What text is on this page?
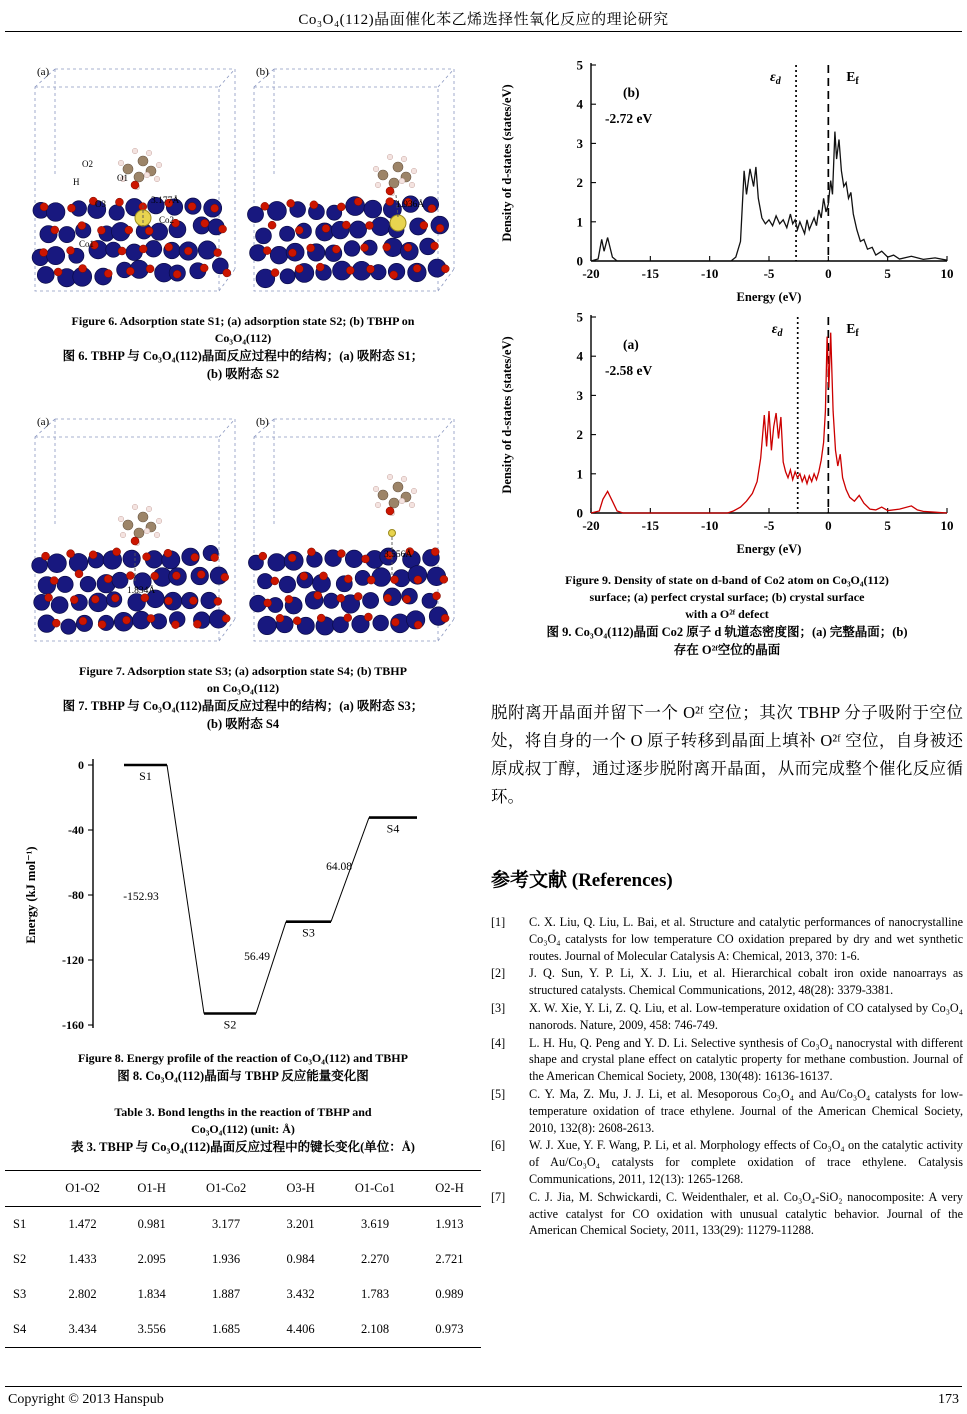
Co₃O₄(112)晶面催化苯乙烯选择性氧化反应的理论研究
(a)
O2
O1
H
O3
Co2
Co1
3.177Å
(b)
1.936Å
Figure 6. Adsorption state S1; (a) adsorption state S2; (b) TBHP on
Co₃O₄(112)
图 6. TBHP 与 Co₃O₄(112)晶面反应过程中的结构；(a) 吸附态 S1；
(b) 吸附态 S2
(a)
1.834Å
(b)
3.556Å
Figure 7. Adsorption state S3; (a) adsorption state S4; (b) TBHP
on Co₃O₄(112)
图 7. TBHP 与 Co₃O₄(112)晶面反应过程中的结构；(a) 吸附态 S3；
(b) 吸附态 S4
0
-40
-80
-120
-160
Energy (kJ mol⁻¹)
S1
S2
S3
S4
-152.93
56.49
64.08
Figure 8. Energy profile of the reaction of Co₃O₄(112) and TBHP
图 8. Co₃O₄(112)晶面与 TBHP 反应能量变化图
Table 3. Bond lengths in the reaction of TBHP and
Co₃O₄(112) (unit: Å)
表 3. TBHP 与 Co₃O₄(112)晶面反应过程中的键长变化(单位：Å)
	O1-O2	O1-H	O1-Co2	O3-H	O1-Co1	O2-H
S1	1.472	0.981	3.177	3.201	3.619	1.913
S2	1.433	2.095	1.936	0.984	2.270	2.721
S3	2.802	1.834	1.887	3.432	1.783	0.989
S4	3.434	3.556	1.685	4.406	2.108	0.973
-20	-15	-10	-5	0	5	10
0
1
2
3
4
5
Energy (eV)
Density of d-states (states/eV)	(b)
-2.72 eV
$\varepsilon_d$	$E_f$
-20	-15	-10	-5	0	5	10
0
1
2
3
4
5
Energy (eV)
Density of d-states (states/eV)	(a)
-2.58 eV
$\varepsilon_d$	$E_f$
Figure 9. Density of state on d-band of Co2 atom on Co₃O₄(112)
surface; (a) perfect crystal surface; (b) crystal surface
with a O²ᶠ defect
图 9. Co₃O₄(112)晶面 Co2 原子 d 轨道态密度图；(a) 完整晶面；(b)
存在 O²ᶠ空位的晶面
脱附离开晶面并留下一个 O²ᶠ 空位；其次 TBHP 分子吸附于空位处，将自身的一个 O 原子转移到晶面上填补 O²ᶠ 空位，自身被还原成叔丁醇，通过逐步脱附离开晶面，从而完成整个催化反应循环。
参考文献 (References)
[1]	C. X. Liu, Q. Liu, L. Bai, et al. Structure and catalytic performances of nanocrystalline Co₃O₄ catalysts for low temperature CO oxidation prepared by dry and wet synthetic routes. Journal of Molecular Catalysis A: Chemical, 2013, 370: 1-6.
[2]	J. Q. Sun, Y. P. Li, X. J. Liu, et al. Hierarchical cobalt iron oxide nanoarrays as structured catalysts. Chemical Communications, 2012, 48(28): 3379-3381.
[3]	X. W. Xie, Y. Li, Z. Q. Liu, et al. Low-temperature oxidation of CO catalysed by Co₃O₄ nanorods. Nature, 2009, 458: 746-749.
[4]	L. H. Hu, Q. Peng and Y. D. Li. Selective synthesis of Co₃O₄ nanocrystal with different shape and crystal plane effect on catalytic property for methane combustion. Journal of the American Chemical Society, 2008, 130(48): 16136-16137.
[5]	C. Y. Ma, Z. Mu, J. J. Li, et al. Mesoporous Co₃O₄ and Au/Co₃O₄ catalysts for low-temperature oxidation of trace ethylene. Journal of the American Chemical Society, 2010, 132(8): 2608-2613.
[6]	W. J. Xue, Y. F. Wang, P. Li, et al. Morphology effects of Co₃O₄ on the catalytic activity of Au/Co₃O₄ catalysts for complete oxidation of trace ethylene. Catalysis Communications, 2011, 12(13): 1265-1268.
[7]	C. J. Jia, M. Schwickardi, C. Weidenthaler, et al. Co₃O₄-SiO₂ nanocomposite: A very active catalyst for CO oxidation with unusual catalytic behavior. Journal of the American Chemical Society, 2011, 133(29): 11279-11288.
Copyright © 2013 Hanspub	173
